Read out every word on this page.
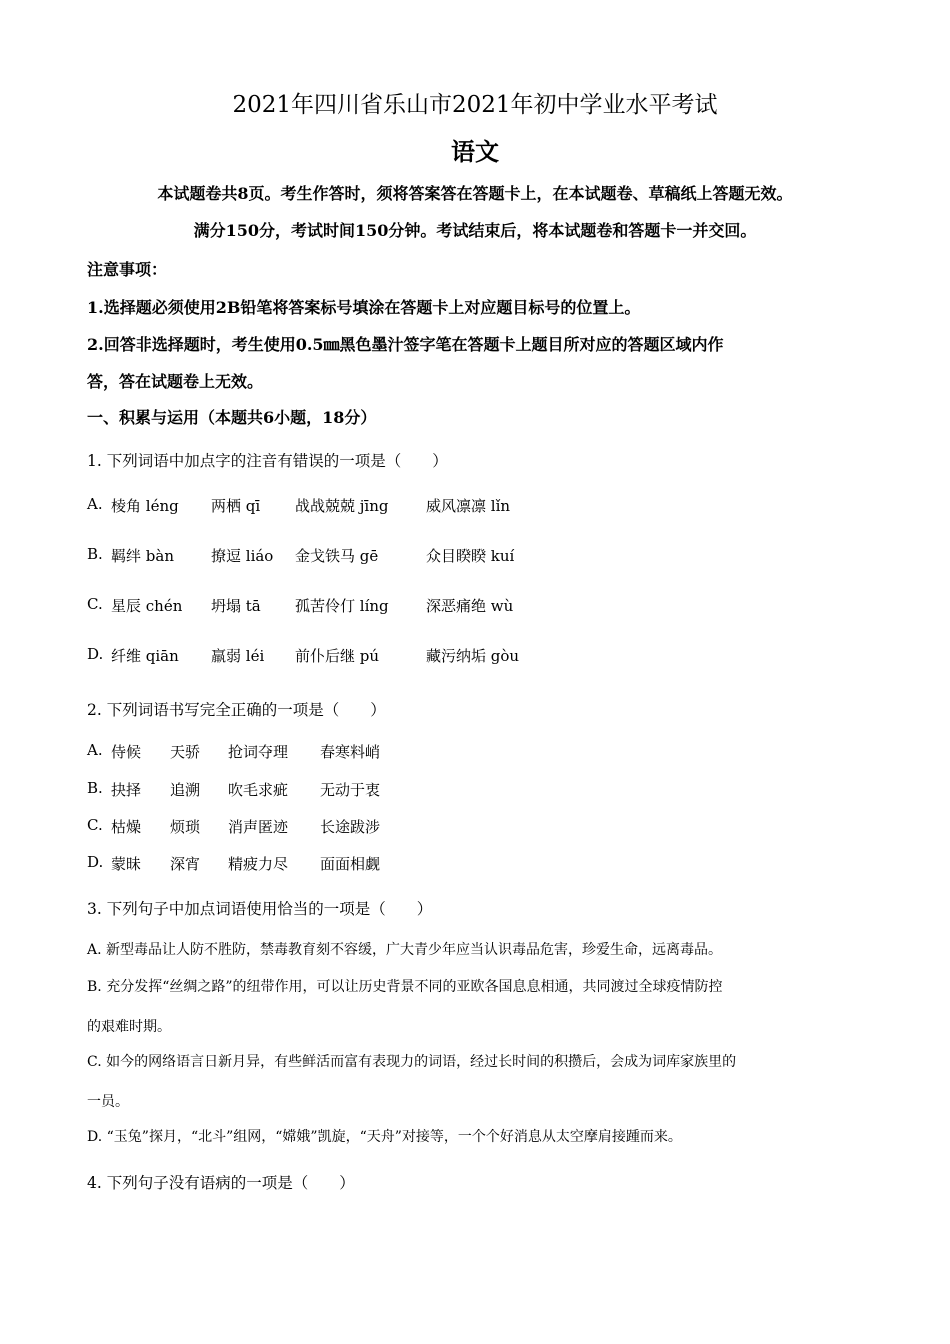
2021年四川省乐山市2021年初中学业水平考试
语文
本试题卷共8页。考生作答时，须将答案答在答题卡上，在本试题卷、草稿纸上答题无效。
满分150分，考试时间150分钟。考试结束后，将本试题卷和答题卡一并交回。
注意事项：
1.选择题必须使用2B铅笔将答案标号填涂在答题卡上对应题目标号的位置上。
2.回答非选择题时，考生使用0.5㎜黑色墨汁签字笔在答题卡上题目所对应的答题区域内作
答，答在试题卷上无效。
一、积累与运用（本题共6小题，18分）
1. 下列词语中加点字的注音有错误的一项是（　　）
A. 棱角 léng 两栖 qī 战战兢兢 jīng	威风凛凛 lǐn
B. 羁绊 bàn 撩逗 liáo 金戈铁马 gē	众目睽睽 kuí
C. 星辰 chén 坍塌 tā 孤苦伶仃 líng 深恶痛绝 wù
D. 纤维 qiān 羸弱 léi 前仆后继 pú	藏污纳垢 gòu
2. 下列词语书写完全正确的一项是（　　）
A. 侍候 天骄 抢词夺理 春寒料峭
B. 抉择 追溯 吹毛求疵 无动于衷
C. 枯燥 烦琐 消声匿迹 长途跋涉
D. 蒙昧 深宵 精疲力尽 面面相觑
3. 下列句子中加点词语使用恰当的一项是（　　）
A. 新型毒品让人防不胜防，禁毒教育刻不容缓，广大青少年应当认识毒品危害，珍爱生命，远离毒品。
B. 充分发挥“丝绸之路”的纽带作用，可以让历史背景不同的亚欧各国息息相通，共同渡过全球疫情防控
的艰难时期。
C. 如今的网络语言日新月异，有些鲜活而富有表现力的词语，经过长时间的积攒后，会成为词库家族里的
一员。
D. “玉兔”探月，“北斗”组网，“嫦娥”凯旋，“天舟”对接等，一个个好消息从太空摩肩接踵而来。
4. 下列句子没有语病的一项是（　　）
